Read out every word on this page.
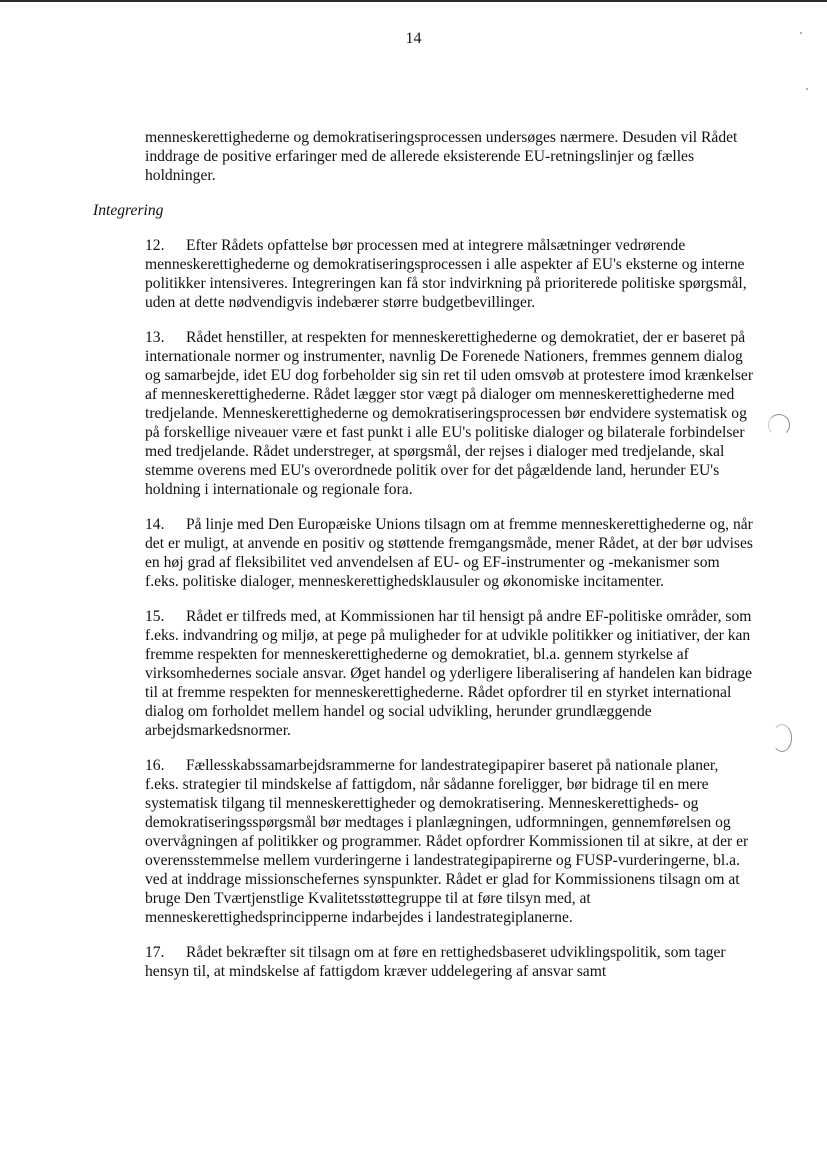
14

menneskerettighederne og demokratiseringsprocessen undersøges nærmere. Desuden vil Rådet inddrage de positive erfaringer med de allerede eksisterende EU-retningslinjer og fælles holdninger.

Integrering

12. Efter Rådets opfattelse bør processen med at integrere målsætninger vedrørende menneskerettighederne og demokratiseringsprocessen i alle aspekter af EU's eksterne og interne politikker intensiveres. Integreringen kan få stor indvirkning på prioriterede politiske spørgsmål, uden at dette nødvendigvis indebærer større budgetbevillinger.

13. Rådet henstiller, at respekten for menneskerettighederne og demokratiet, der er baseret på internationale normer og instrumenter, navnlig De Forenede Nationers, fremmes gennem dialog og samarbejde, idet EU dog forbeholder sig sin ret til uden omsvøb at protestere imod krænkelser af menneskerettighederne. Rådet lægger stor vægt på dialoger om menneskerettighederne med tredjelande. Menneskerettighederne og demokratiseringsprocessen bør endvidere systematisk og på forskellige niveauer være et fast punkt i alle EU's politiske dialoger og bilaterale forbindelser med tredjelande. Rådet understreger, at spørgsmål, der rejses i dialoger med tredjelande, skal stemme overens med EU's overordnede politik over for det pågældende land, herunder EU's holdning i internationale og regionale fora.

14. På linje med Den Europæiske Unions tilsagn om at fremme menneskerettighederne og, når det er muligt, at anvende en positiv og støttende fremgangsmåde, mener Rådet, at der bør udvises en høj grad af fleksibilitet ved anvendelsen af EU- og EF-instrumenter og -mekanismer som f.eks. politiske dialoger, menneskerettighedsklausuler og økonomiske incitamenter.

15. Rådet er tilfreds med, at Kommissionen har til hensigt på andre EF-politiske områder, som f.eks. indvandring og miljø, at pege på muligheder for at udvikle politikker og initiativer, der kan fremme respekten for menneskerettighederne og demokratiet, bl.a. gennem styrkelse af virksomhedernes sociale ansvar. Øget handel og yderligere liberalisering af handelen kan bidrage til at fremme respekten for menneskerettighederne. Rådet opfordrer til en styrket international dialog om forholdet mellem handel og social udvikling, herunder grundlæggende arbejdsmarkedsnormer.

16. Fællesskabssamarbejdsrammerne for landestrategipapirer baseret på nationale planer, f.eks. strategier til mindskelse af fattigdom, når sådanne foreligger, bør bidrage til en mere systematisk tilgang til menneskerettigheder og demokratisering. Menneskerettigheds- og demokratiseringsspørgsmål bør medtages i planlægningen, udformningen, gennemførelsen og overvågningen af politikker og programmer. Rådet opfordrer Kommissionen til at sikre, at der er overensstemmelse mellem vurderingerne i landestrategipapirerne og FUSP-vurderingerne, bl.a. ved at inddrage missionschefernes synspunkter. Rådet er glad for Kommissionens tilsagn om at bruge Den Tværtjenstlige Kvalitetsstøttegruppe til at føre tilsyn med, at menneskerettighedsprincipperne indarbejdes i landestrategiplanerne.

17. Rådet bekræfter sit tilsagn om at føre en rettighedsbaseret udviklingspolitik, som tager hensyn til, at mindskelse af fattigdom kræver uddelegering af ansvar samt
